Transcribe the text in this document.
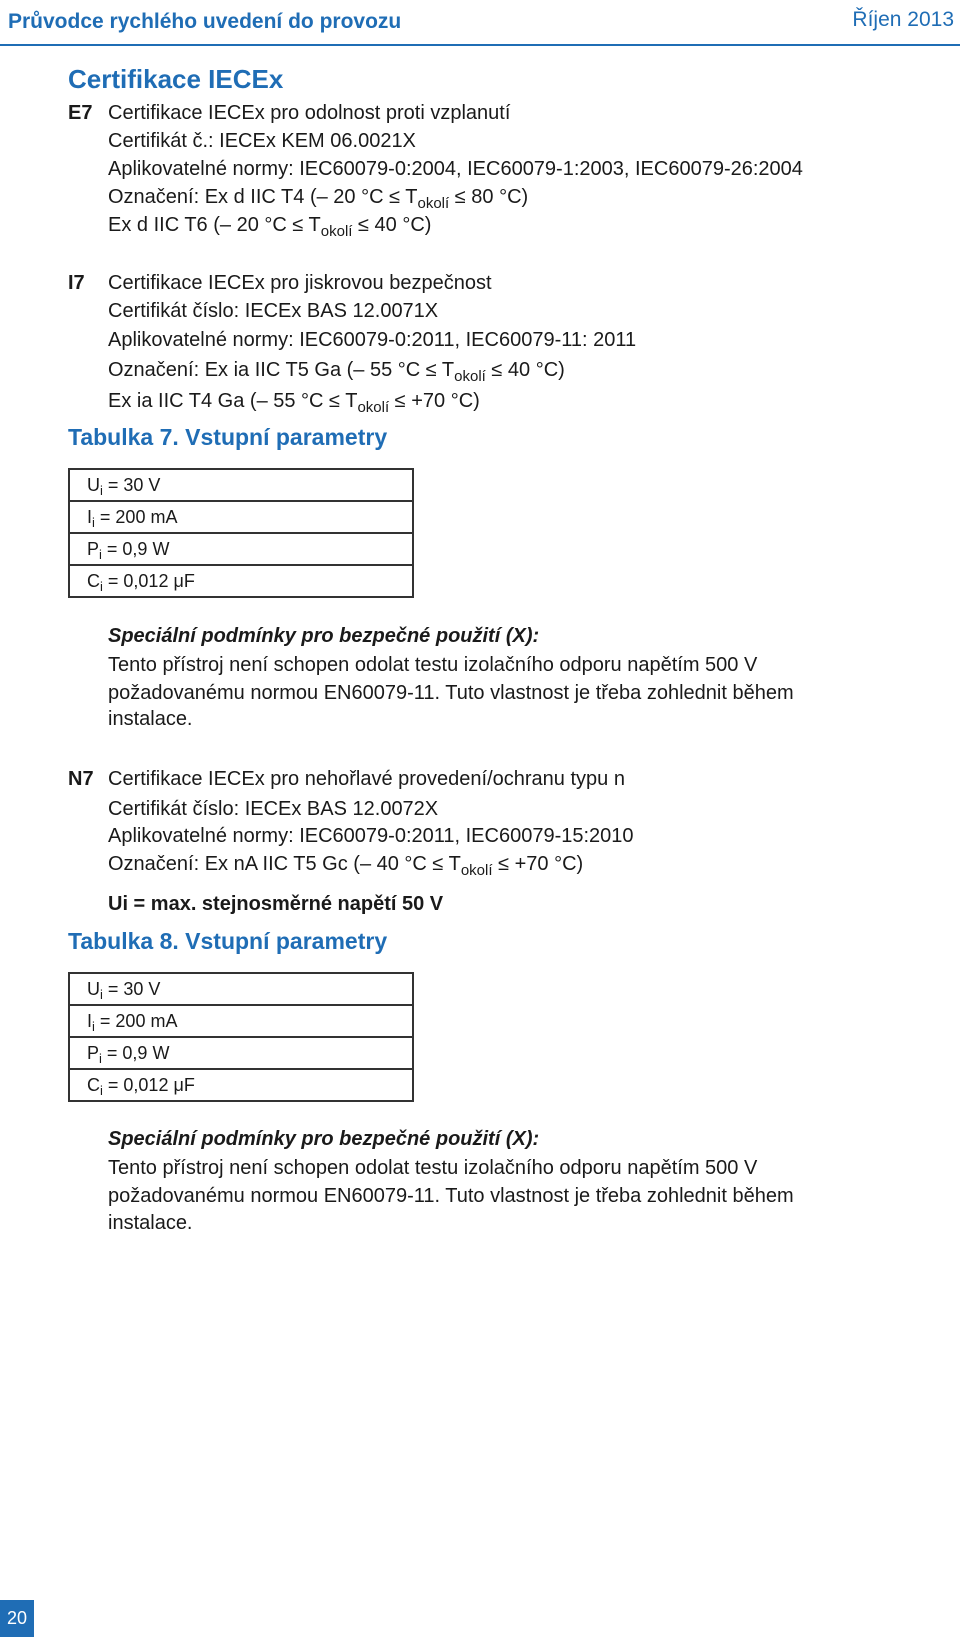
Průvodce rychlého uvedení do provozu	Říjen 2013
Certifikace IECEx
E7 Certifikace IECEx pro odolnost proti vzplanutí
Certifikát č.: IECEx KEM 06.0021X
Aplikovatelné normy: IEC60079-0:2004, IEC60079-1:2003, IEC60079-26:2004
Označení: Ex d IIC T4 (– 20 $^\circ C \le T_{okolí} \le 80$ °C)
Ex d IIC T6 (– 20 $^\circ C \le T_{okolí} \le 40$ °C)
I7 Certifikace IECEx pro jiskrovou bezpečnost
Certifikát číslo: IECEx BAS 12.0071X
Aplikovatelné normy: IEC60079-0:2011, IEC60079-11: 2011
Označení: Ex ia IIC T5 Ga (– 55 $^\circ C \le T_{okolí} \le 40$ °C)
Ex ia IIC T4 Ga (– 55 $^\circ C \le T_{okolí} \le +70$ °C)
Tabulka 7. Vstupní parametry
$U_i = 30$ V
$I_i = 200$ mA
$P_i = 0,9$ W
$C_i = 0,012$ μF
Speciální podmínky pro bezpečné použití (X):
Tento přístroj není schopen odolat testu izolačního odporu napětím 500 V
požadovanému normou EN60079-11. Tuto vlastnost je třeba zohlednit během
instalace.
N7 Certifikace IECEx pro nehořlavé provedení/ochranu typu n
Certifikát číslo: IECEx BAS 12.0072X
Aplikovatelné normy: IEC60079-0:2011, IEC60079-15:2010
Označení: Ex nA IIC T5 Gc (– 40 $^\circ C \le T_{okolí} \le +70$ °C)
Ui = max. stejnosměrné napětí 50 V
Tabulka 8. Vstupní parametry
$U_i = 30$ V
$I_i = 200$ mA
$P_i = 0,9$ W
$C_i = 0,012$ μF
Speciální podmínky pro bezpečné použití (X):
Tento přístroj není schopen odolat testu izolačního odporu napětím 500 V
požadovanému normou EN60079-11. Tuto vlastnost je třeba zohlednit během
instalace.
20
